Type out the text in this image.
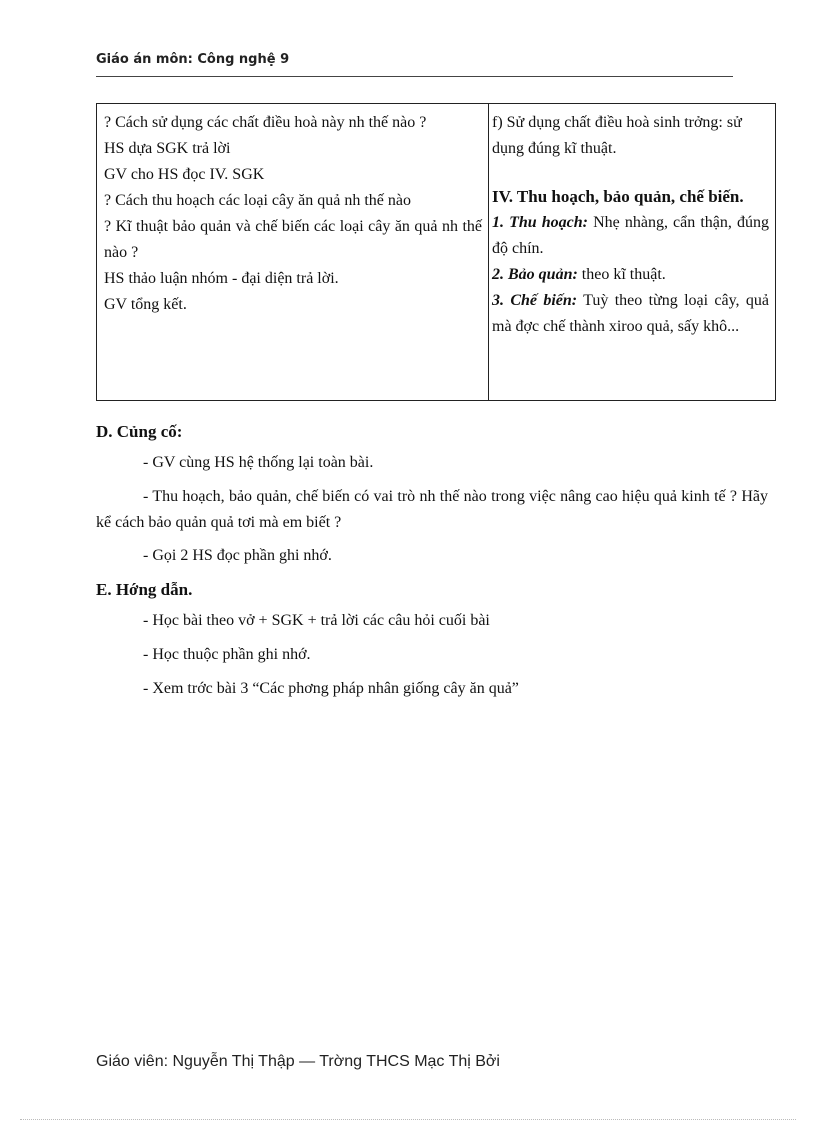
Giáo án môn: Công nghệ 9
? Cách sử dụng các chất điều hoà này nh thế nào ?
HS dựa SGK trả lời
GV cho HS đọc IV. SGK
? Cách thu hoạch các loại cây ăn quả nh thế nào
? Kĩ thuật bảo quản và chế biến các loại cây ăn quả nh thế nào ?
HS thảo luận nhóm - đại diện trả lời.
GV tổng kết.
f) Sử dụng chất điều hoà sinh trởng: sử dụng đúng kĩ thuật.
IV. Thu hoạch, bảo quản, chế biến.
1. Thu hoạch: Nhẹ nhàng, cẩn thận, đúng độ chín.
2. Bảo quản: theo kĩ thuật.
3. Chế biến: Tuỳ theo từng loại cây, quả mà đợc chế thành xiroo quả, sấy khô...
D. Củng cố:
- GV cùng HS hệ thống lại toàn bài.
- Thu hoạch, bảo quản, chế biến có vai trò nh thế nào trong việc nâng cao hiệu quả kinh tế ? Hãy kể cách bảo quản quả tơi mà em biết ?
- Gọi 2 HS đọc phần ghi nhớ.
E. Hớng dẫn.
- Học bài theo vở + SGK + trả lời các câu hỏi cuối bài
- Học thuộc phần ghi nhớ.
- Xem trớc bài 3 “Các phơng pháp nhân giống cây ăn quả”
Giáo viên: Nguyễn Thị Thập — Trờng THCS Mạc Thị Bởi
